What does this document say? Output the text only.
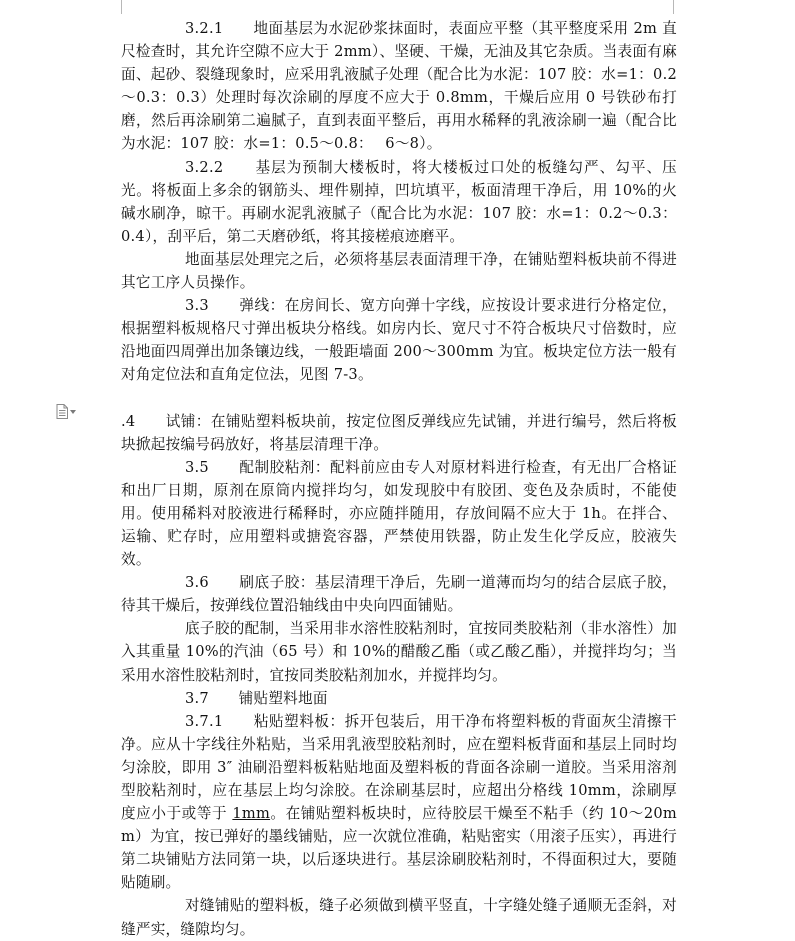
3.2.1　　地面基层为水泥砂浆抹面时，表面应平整（其平整度采用 2m 直尺检查时，其允许空隙不应大于 2mm）、坚硬、干燥，无油及其它杂质。当表面有麻面、起砂、裂缝现象时，应采用乳液腻子处理（配合比为水泥：107 胶：水=1：0.2～0.3：0.3）处理时每次涂刷的厚度不应大于 0.8mm，干燥后应用 0 号铁砂布打磨，然后再涂刷第二遍腻子，直到表面平整后，再用水稀释的乳液涂刷一遍（配合比为水泥：107 胶：水=1：0.5～0.8：　 6～8）。

3.2.2　　基层为预制大楼板时，将大楼板过口处的板缝勾严、勾平、压光。将板面上多余的钢筋头、埋件剔掉，凹坑填平，板面清理干净后，用 10%的火碱水刷净，晾干。再刷水泥乳液腻子（配合比为水泥：107 胶：水=1：0.2～0.3：0.4），刮平后，第二天磨砂纸，将其接槎痕迹磨平。

地面基层处理完之后，必须将基层表面清理干净，在铺贴塑料板块前不得进其它工序人员操作。

3.3　　弹线：在房间长、宽方向弹十字线，应按设计要求进行分格定位，根据塑料板规格尺寸弹出板块分格线。如房内长、宽尺寸不符合板块尺寸倍数时，应沿地面四周弹出加条镶边线，一般距墙面 200～300mm 为宜。板块定位方法一般有对角定位法和直角定位法，见图 7-3。

.4　　试铺：在铺贴塑料板块前，按定位图反弹线应先试铺，并进行编号，然后将板块掀起按编号码放好，将基层清理干净。

3.5　　配制胶粘剂：配料前应由专人对原材料进行检查，有无出厂合格证和出厂日期，原剂在原筒内搅拌均匀，如发现胶中有胶团、变色及杂质时，不能使用。使用稀料对胶液进行稀释时，亦应随拌随用，存放间隔不应大于 1h。在拌合、运输、贮存时，应用塑料或搪瓷容器，严禁使用铁器，防止发生化学反应，胶液失效。

3.6　　刷底子胶：基层清理干净后，先刷一道薄而均匀的结合层底子胶，待其干燥后，按弹线位置沿轴线由中央向四面铺贴。

底子胶的配制，当采用非水溶性胶粘剂时，宜按同类胶粘剂（非水溶性）加入其重量 10%的汽油（65 号）和 10%的醋酸乙酯（或乙酸乙酯），并搅拌均匀；当采用水溶性胶粘剂时，宜按同类胶粘剂加水，并搅拌均匀。

3.7　　铺贴塑料地面

3.7.1　　粘贴塑料板：拆开包装后，用干净布将塑料板的背面灰尘清擦干净。应从十字线往外粘贴，当采用乳液型胶粘剂时，应在塑料板背面和基层上同时均匀涂胶，即用 3″ 油刷沿塑料板粘贴地面及塑料板的背面各涂刷一道胶。当采用溶剂型胶粘剂时，应在基层上均匀涂胶。在涂刷基层时，应超出分格线 10mm，涂刷厚度应小于或等于 1mm。在铺贴塑料板块时，应待胶层干燥至不粘手（约 10～20mm）为宜，按已弹好的墨线铺贴，应一次就位准确，粘贴密实（用滚子压实），再进行第二块铺贴方法同第一块，以后逐块进行。基层涂刷胶粘剂时，不得面积过大，要随贴随刷。

对缝铺贴的塑料板，缝子必须做到横平竖直，十字缝处缝子通顺无歪斜，对缝严实，缝隙均匀。
